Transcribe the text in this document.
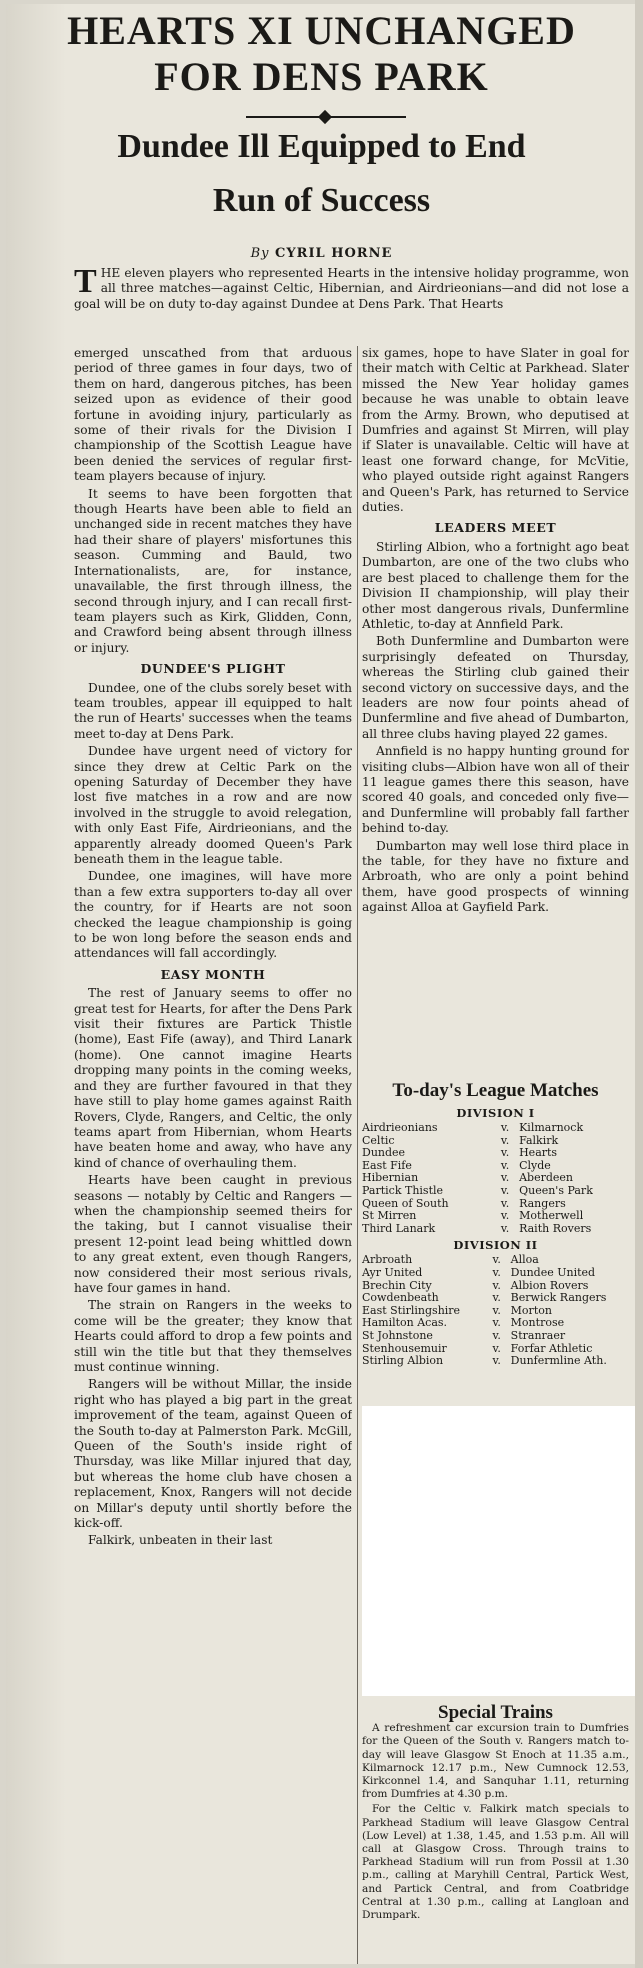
HEARTS XI UNCHANGED
FOR DENS PARK
Dundee Ill Equipped to End
Run of Success
By CYRIL HORNE

THE eleven players who represented Hearts in the intensive holiday programme, won all three matches—against Celtic, Hibernian, and Airdrieonians—and did not lose a goal will be on duty to-day against Dundee at Dens Park. That Hearts

emerged unscathed from that arduous period of three games in four days, two of them on hard, dangerous pitches, has been seized upon as evidence of their good fortune in avoiding injury, particularly as some of their rivals for the Division I championship of the Scottish League have been denied the services of regular first-team players because of injury.

It seems to have been forgotten that though Hearts have been able to field an unchanged side in recent matches they have had their share of players' misfortunes this season. Cumming and Bauld, two Internationalists, are, for instance, unavailable, the first through illness, the second through injury, and I can recall first-team players such as Kirk, Glidden, Conn, and Crawford being absent through illness or injury.

DUNDEE'S PLIGHT

Dundee, one of the clubs sorely beset with team troubles, appear ill equipped to halt the run of Hearts' successes when the teams meet to-day at Dens Park.

Dundee have urgent need of victory for since they drew at Celtic Park on the opening Saturday of December they have lost five matches in a row and are now involved in the struggle to avoid relegation, with only East Fife, Airdrieonians, and the apparently already doomed Queen's Park beneath them in the league table.

Dundee, one imagines, will have more than a few extra supporters to-day all over the country, for if Hearts are not soon checked the league championship is going to be won long before the season ends and attendances will fall accordingly.

EASY MONTH

The rest of January seems to offer no great test for Hearts, for after the Dens Park visit their fixtures are Partick Thistle (home), East Fife (away), and Third Lanark (home). One cannot imagine Hearts dropping many points in the coming weeks, and they are further favoured in that they have still to play home games against Raith Rovers, Clyde, Rangers, and Celtic, the only teams apart from Hibernian, whom Hearts have beaten home and away, who have any kind of chance of overhauling them.

Hearts have been caught in previous seasons — notably by Celtic and Rangers — when the championship seemed theirs for the taking, but I cannot visualise their present 12-point lead being whittled down to any great extent, even though Rangers, now considered their most serious rivals, have four games in hand.

The strain on Rangers in the weeks to come will be the greater; they know that Hearts could afford to drop a few points and still win the title but that they themselves must continue winning.

Rangers will be without Millar, the inside right who has played a big part in the great improvement of the team, against Queen of the South to-day at Palmerston Park. McGill, Queen of the South's inside right of Thursday, was like Millar injured that day, but whereas the home club have chosen a replacement, Knox, Rangers will not decide on Millar's deputy until shortly before the kick-off.

Falkirk, unbeaten in their last

six games, hope to have Slater in goal for their match with Celtic at Parkhead. Slater missed the New Year holiday games because he was unable to obtain leave from the Army. Brown, who deputised at Dumfries and against St Mirren, will play if Slater is unavailable. Celtic will have at least one forward change, for McVitie, who played outside right against Rangers and Queen's Park, has returned to Service duties.

LEADERS MEET

Stirling Albion, who a fortnight ago beat Dumbarton, are one of the two clubs who are best placed to challenge them for the Division II championship, will play their other most dangerous rivals, Dunfermline Athletic, to-day at Annfield Park.

Both Dunfermline and Dumbarton were surprisingly defeated on Thursday, whereas the Stirling club gained their second victory on successive days, and the leaders are now four points ahead of Dunfermline and five ahead of Dumbarton, all three clubs having played 22 games.

Annfield is no happy hunting ground for visiting clubs—Albion have won all of their 11 league games there this season, have scored 40 goals, and conceded only five—and Dunfermline will probably fall farther behind to-day.

Dumbarton may well lose third place in the table, for they have no fixture and Arbroath, who are only a point behind them, have good prospects of winning against Alloa at Gayfield Park.

To-day's League Matches
DIVISION I
Airdrieonians	v.	Kilmarnock
Celtic	v.	Falkirk
Dundee	v.	Hearts
East Fife	v.	Clyde
Hibernian	v.	Aberdeen
Partick Thistle	v.	Queen's Park
Queen of South	v.	Rangers
St Mirren	v.	Motherwell
Third Lanark	v.	Raith Rovers
DIVISION II
Arbroath	v.	Alloa
Ayr United	v.	Dundee United
Brechin City	v.	Albion Rovers
Cowdenbeath	v.	Berwick Rangers
East Stirlingshire	v.	Morton
Hamilton Acas.	v.	Montrose
St Johnstone	v.	Stranraer
Stenhousemuir	v.	Forfar Athletic
Stirling Albion	v.	Dunfermline Ath.
Special Trains

A refreshment car excursion train to Dumfries for the Queen of the South v. Rangers match to-day will leave Glasgow St Enoch at 11.35 a.m., Kilmarnock 12.17 p.m., New Cumnock 12.53, Kirkconnel 1.4, and Sanquhar 1.11, returning from Dumfries at 4.30 p.m.

For the Celtic v. Falkirk match specials to Parkhead Stadium will leave Glasgow Central (Low Level) at 1.38, 1.45, and 1.53 p.m. All will call at Glasgow Cross. Through trains to Parkhead Stadium will run from Possil at 1.30 p.m., calling at Maryhill Central, Partick West, and Partick Central, and from Coatbridge Central at 1.30 p.m., calling at Langloan and Drumpark.
